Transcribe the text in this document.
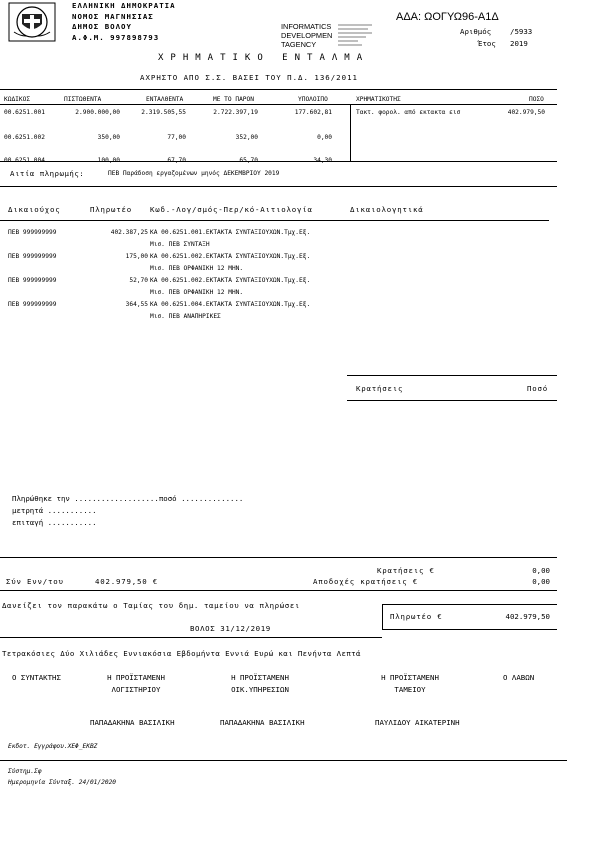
ΕΛΛΗΝΙΚΗ ΔΗΜΟΚΡΑΤΙΑ
ΝΟΜΟΣ ΜΑΓΝΗΣΙΑΣ
ΔΗΜΟΣ ΒΟΛΟΥ
Α.Φ.Μ. 997898793
INFORMATICS
DEVELOPMEN
TAGENCY
ΑΔΑ: ΩΟΓΥΩ96-Α1Δ
Αριθμός	/5933
Έτος 2019
ΧΡΗΜΑΤΙΚΟ ΕΝΤΑΛΜΑ
ΑΧΡΗΣΤΟ ΑΠΟ Σ.Σ. ΒΑΣΕΙ ΤΟΥ Π.Δ. 136/2011
ΚΩΔΙΚΟΣ	ΠΙΣΤΩΘΕΝΤΑ	ΕΝΤΑΛΘΕΝΤΑ	ΜΕ ΤΟ ΠΑΡΟΝ	ΥΠΟΛΟΙΠΟ	ΧΡΗΜΑΤΙΚΟΤΗΣ	ΠΟΣΟ
00.6251.001	2.900.000,00	2.319.505,55	2.722.397,19	177.602,81	Τακτ. φορολ. από εκτακτα εισ	402.979,50
00.6251.002	350,00	77,00	352,00	0,00
00.6251.004	100,00	67,70	65,70	34,30
Αιτία πληρωμής:	ΠΕΒ Παράδοση εργαζομένων μηνός ΔΕΚΕΜΒΡΙΟΥ 2019
Δικαιούχος	Πληρωτέο Κωδ.-Λογ/σμός-Περ/κό-Αιτιολογία	Δικαιολογητικά
ΠΕΒ 999999999	402.387,25 ΚΑ 00.6251.001.ΕΚΤΑΚΤΑ ΣΥΝΤΑΞΙΟΥΧΩΝ.Τμχ.Εξ.
Μισ. ΠΕΒ ΣΥΝΤΑΞΗ
ΠΕΒ 999999999	175,00 ΚΑ 00.6251.002.ΕΚΤΑΚΤΑ ΣΥΝΤΑΞΙΟΥΧΩΝ.Τμχ.Εξ.
Μισ. ΠΕΒ ΟΡΦΑΝΙΚΗ 12 ΜΗΝ.
ΠΕΒ 999999999	52,70 ΚΑ 00.6251.002.ΕΚΤΑΚΤΑ ΣΥΝΤΑΞΙΟΥΧΩΝ.Τμχ.Εξ.
Μισ. ΠΕΒ ΟΡΦΑΝΙΚΗ 12 ΜΗΝ.
ΠΕΒ 999999999	364,55 ΚΑ 00.6251.004.ΕΚΤΑΚΤΑ ΣΥΝΤΑΞΙΟΥΧΩΝ.Τμχ.Εξ.
Μισ. ΠΕΒ ΑΝΑΠΗΡΙΚΕΣ
Κρατήσεις	Ποσό
Πληρώθηκε την ...................ποσό ..............
μετρητά ...........
επιταγή ...........
Κρατήσεις €	0,00
Σύν Ενν/του	402.979,50 €	Αποδοχές κρατήσεις €	0,00
Δανείζει τον παρακάτω ο Ταμίας του δημ. ταμείου να πληρώσει
Πληρωτέο €	402.979,50
ΒΟΛΟΣ 31/12/2019
Τετρακόσιες Δύο Χιλιάδες Εννιακόσια Εβδομήντα Εννιά Ευρώ και Πενήντα Λεπτά
Ο ΣΥΝΤΑΚΤΗΣ	Η ΠΡΟΪΣΤΑΜΕΝΗ
ΛΟΓΙΣΤΗΡΙΟΥ
Η ΠΡΟΪΣΤΑΜΕΝΗ
ΟΙΚ.ΥΠΗΡΕΣΙΩΝ
Η ΠΡΟΪΣΤΑΜΕΝΗ
ΤΑΜΕΙΟΥ
Ο ΛΑΒΩΝ
ΠΑΠΑΔΑΚΗΝΑ ΒΑΣΙΛΙΚΗ	ΠΑΠΑΔΑΚΗΝΑ ΒΑΣΙΛΙΚΗ	ΠΑΥΛΙΔΟΥ ΑΙΚΑΤΕΡΙΝΗ
Εκδοτ. Εγγράφου.ΧΕΦ_ΕΚΒΖ
Σύστημ.Σφ
Ημερομηνία Σύνταξ. 24/01/2020
